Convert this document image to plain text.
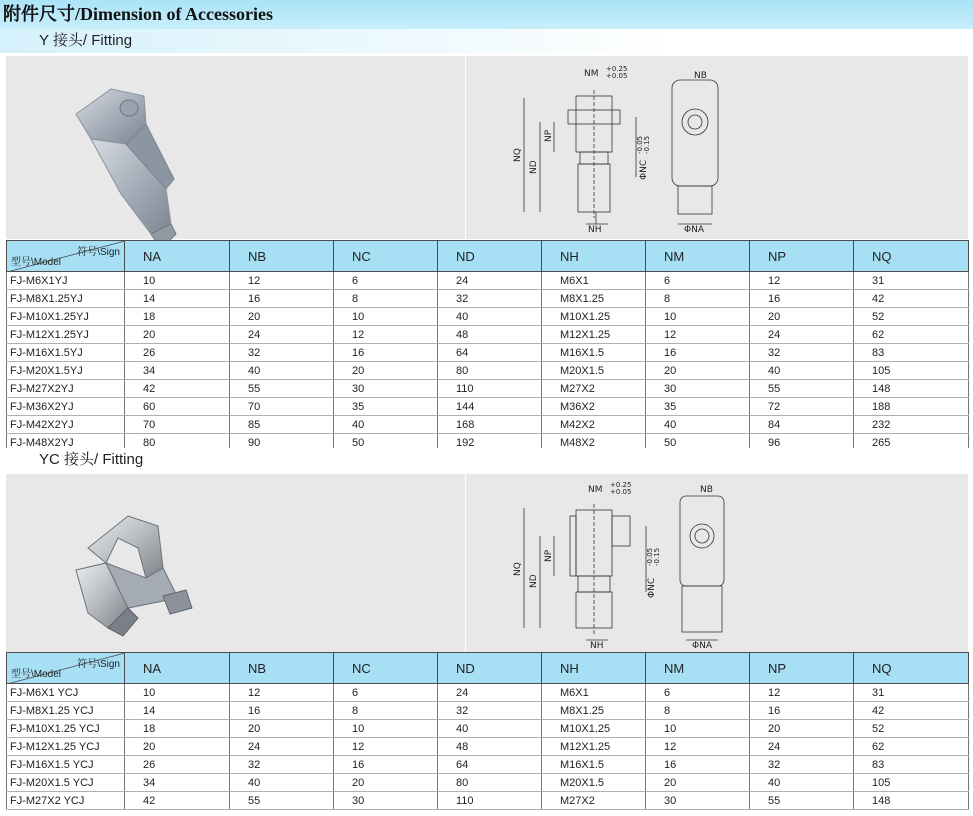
附件尺寸/Dimension of Accessories
Y 接头/ Fitting
NM +0.25
+0.05	NB
NQ
ND
NP
ΦNC
-0.05 -0.15
NH	ΦNA
符号\Sign
型号\Model	NA	NB	NC	ND	NH	NM	NP	NQ
FJ-M6X1YJ	10	12	6	24	M6X1	6	12	31
FJ-M8X1.25YJ	14	16	8	32	M8X1.25	8	16	42
FJ-M10X1.25YJ	18	20	10	40	M10X1.25	10	20	52
FJ-M12X1.25YJ	20	24	12	48	M12X1.25	12	24	62
FJ-M16X1.5YJ	26	32	16	64	M16X1.5	16	32	83
FJ-M20X1.5YJ	34	40	20	80	M20X1.5	20	40	105
FJ-M27X2YJ	42	55	30	110	M27X2	30	55	148
FJ-M36X2YJ	60	70	35	144	M36X2	35	72	188
FJ-M42X2YJ	70	85	40	168	M42X2	40	84	232
FJ-M48X2YJ	80	90	50	192	M48X2	50	96	265
YC 接头/ Fitting
NM +0.25
+0.05	NB
NQ
ND
NP
ΦNC
-0.05 -0.15
NH	ΦNA
符号\Sign
型号\Model	NA	NB	NC	ND	NH	NM	NP	NQ
FJ-M6X1 YCJ	10	12	6	24	M6X1	6	12	31
FJ-M8X1.25 YCJ	14	16	8	32	M8X1.25	8	16	42
FJ-M10X1.25 YCJ	18	20	10	40	M10X1.25	10	20	52
FJ-M12X1.25 YCJ	20	24	12	48	M12X1.25	12	24	62
FJ-M16X1.5 YCJ	26	32	16	64	M16X1.5	16	32	83
FJ-M20X1.5 YCJ	34	40	20	80	M20X1.5	20	40	105
FJ-M27X2 YCJ	42	55	30	110	M27X2	30	55	148
